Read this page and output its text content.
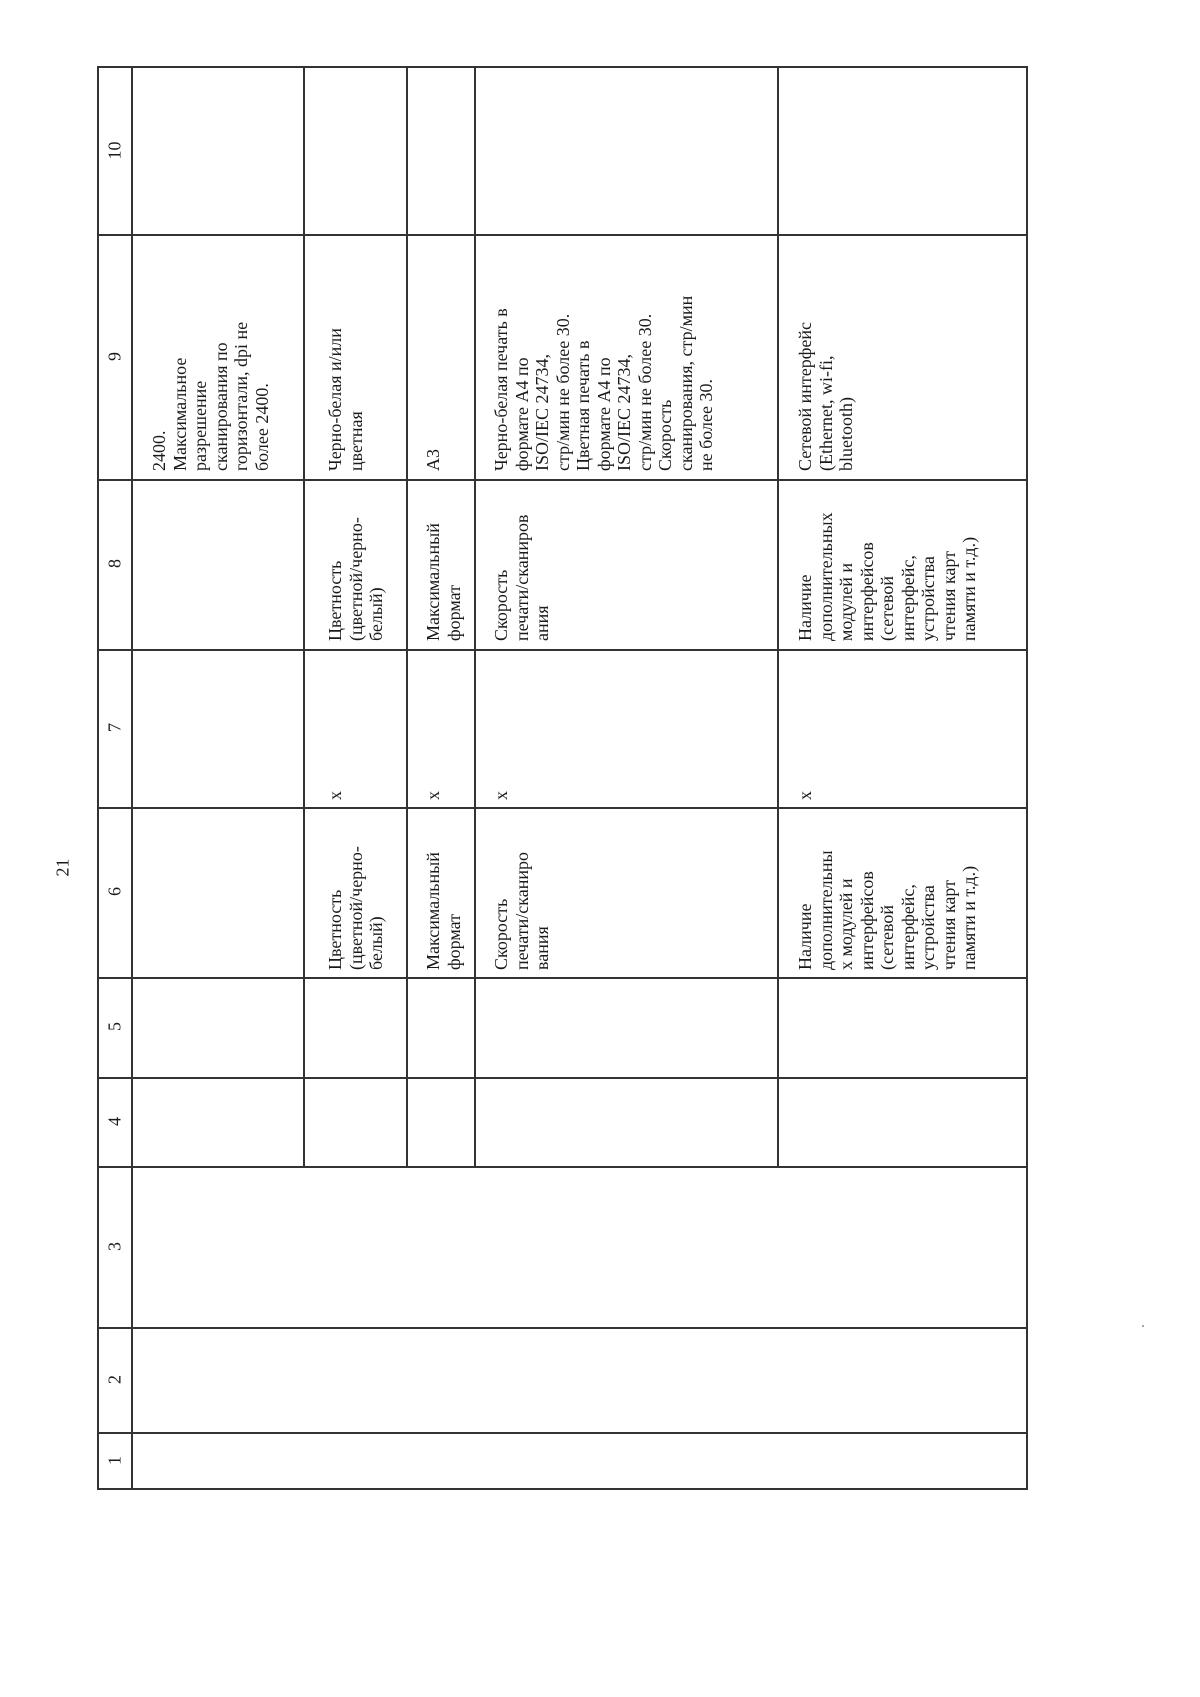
21
10
9
8
7
6
5
4
3
2
1
2400.
Максимальное
разрешение
сканирования по
горизонтали, dpi не
более 2400.
Цветность
(цветной/черно-
белый)
x
Цветность
(цветной/черно-
белый)
Черно-белая и/или
цветная
Максимальный
формат
x
Максимальный
формат
А3
Скорость
печати/сканиро
вания
x
Скорость
печати/сканиров
ания
Черно-белая печать в
формате А4 по
ISO/IEC 24734,
стр/мин не более 30.
Цветная печать в
формате А4 по
ISO/IEC 24734,
стр/мин не более 30.
Скорость
сканирования, стр/мин
не более 30.
Наличие
дополнительны
х модулей и
интерфейсов
(сетевой
интерфейс,
устройства
чтения карт
памяти и т.д.)
x
Наличие
дополнительных
модулей и
интерфейсов
(сетевой
интерфейс,
устройства
чтения карт
памяти и т.д.)
Сетевой интерфейс
(Ethernet, wi-fi,
bluetooth)
